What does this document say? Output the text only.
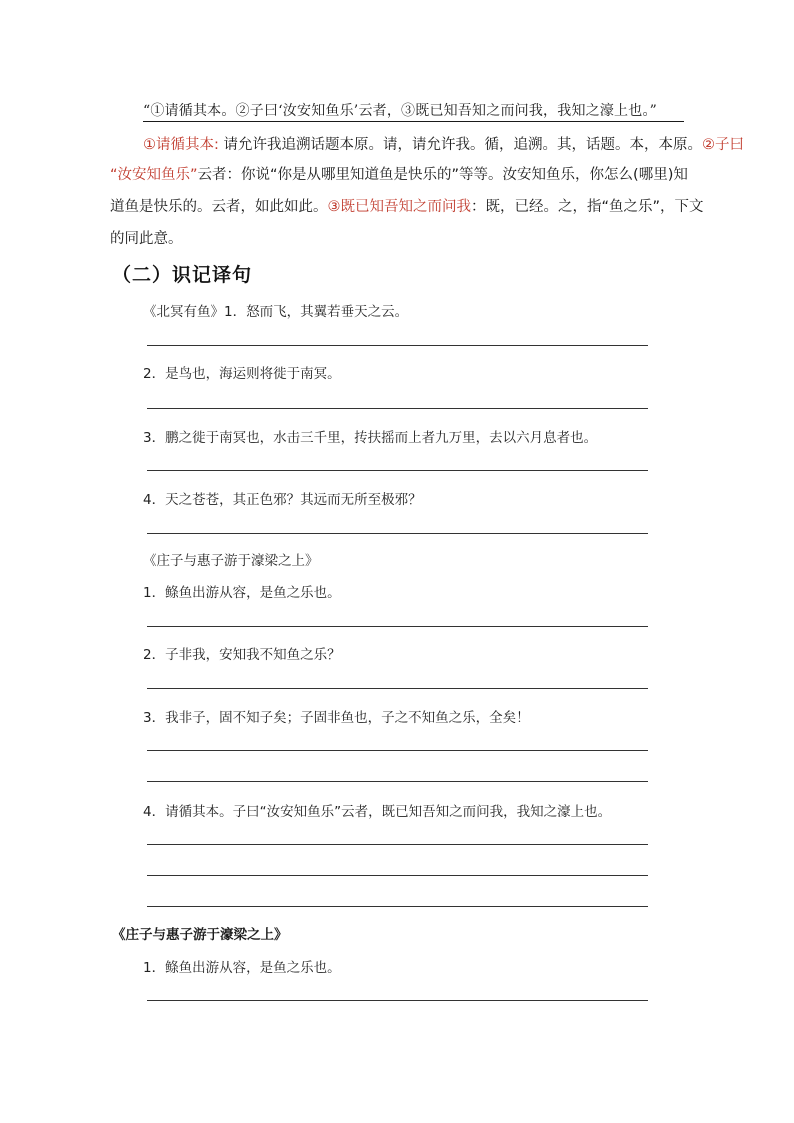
“①请循其本。②子曰‘汝安知鱼乐’云者，③既已知吾知之而问我，我知之濠上也。”
①请循其本: 请允许我追溯话题本原。请，请允许我。循，追溯。其，话题。本，本原。②子曰
“汝安知鱼乐”云者：你说“你是从哪里知道鱼是快乐的”等等。汝安知鱼乐，你怎么(哪里)知
道鱼是快乐的。云者，如此如此。③既已知吾知之而问我：既，已经。之，指“鱼之乐”，下文
的同此意。
（二）识记译句
《北冥有鱼》1．怒而飞，其翼若垂天之云。
2．是鸟也，海运则将徙于南冥。
3．鹏之徙于南冥也，水击三千里，抟扶摇而上者九万里，去以六月息者也。
4．天之苍苍，其正色邪？其远而无所至极邪？
《庄子与惠子游于濠梁之上》
1．鲦鱼出游从容，是鱼之乐也。
2．子非我，安知我不知鱼之乐？
3．我非子，固不知子矣；子固非鱼也，子之不知鱼之乐，全矣！
4．请循其本。子曰“汝安知鱼乐”云者，既已知吾知之而问我，我知之濠上也。
《庄子与惠子游于濠梁之上》
1．鲦鱼出游从容，是鱼之乐也。
